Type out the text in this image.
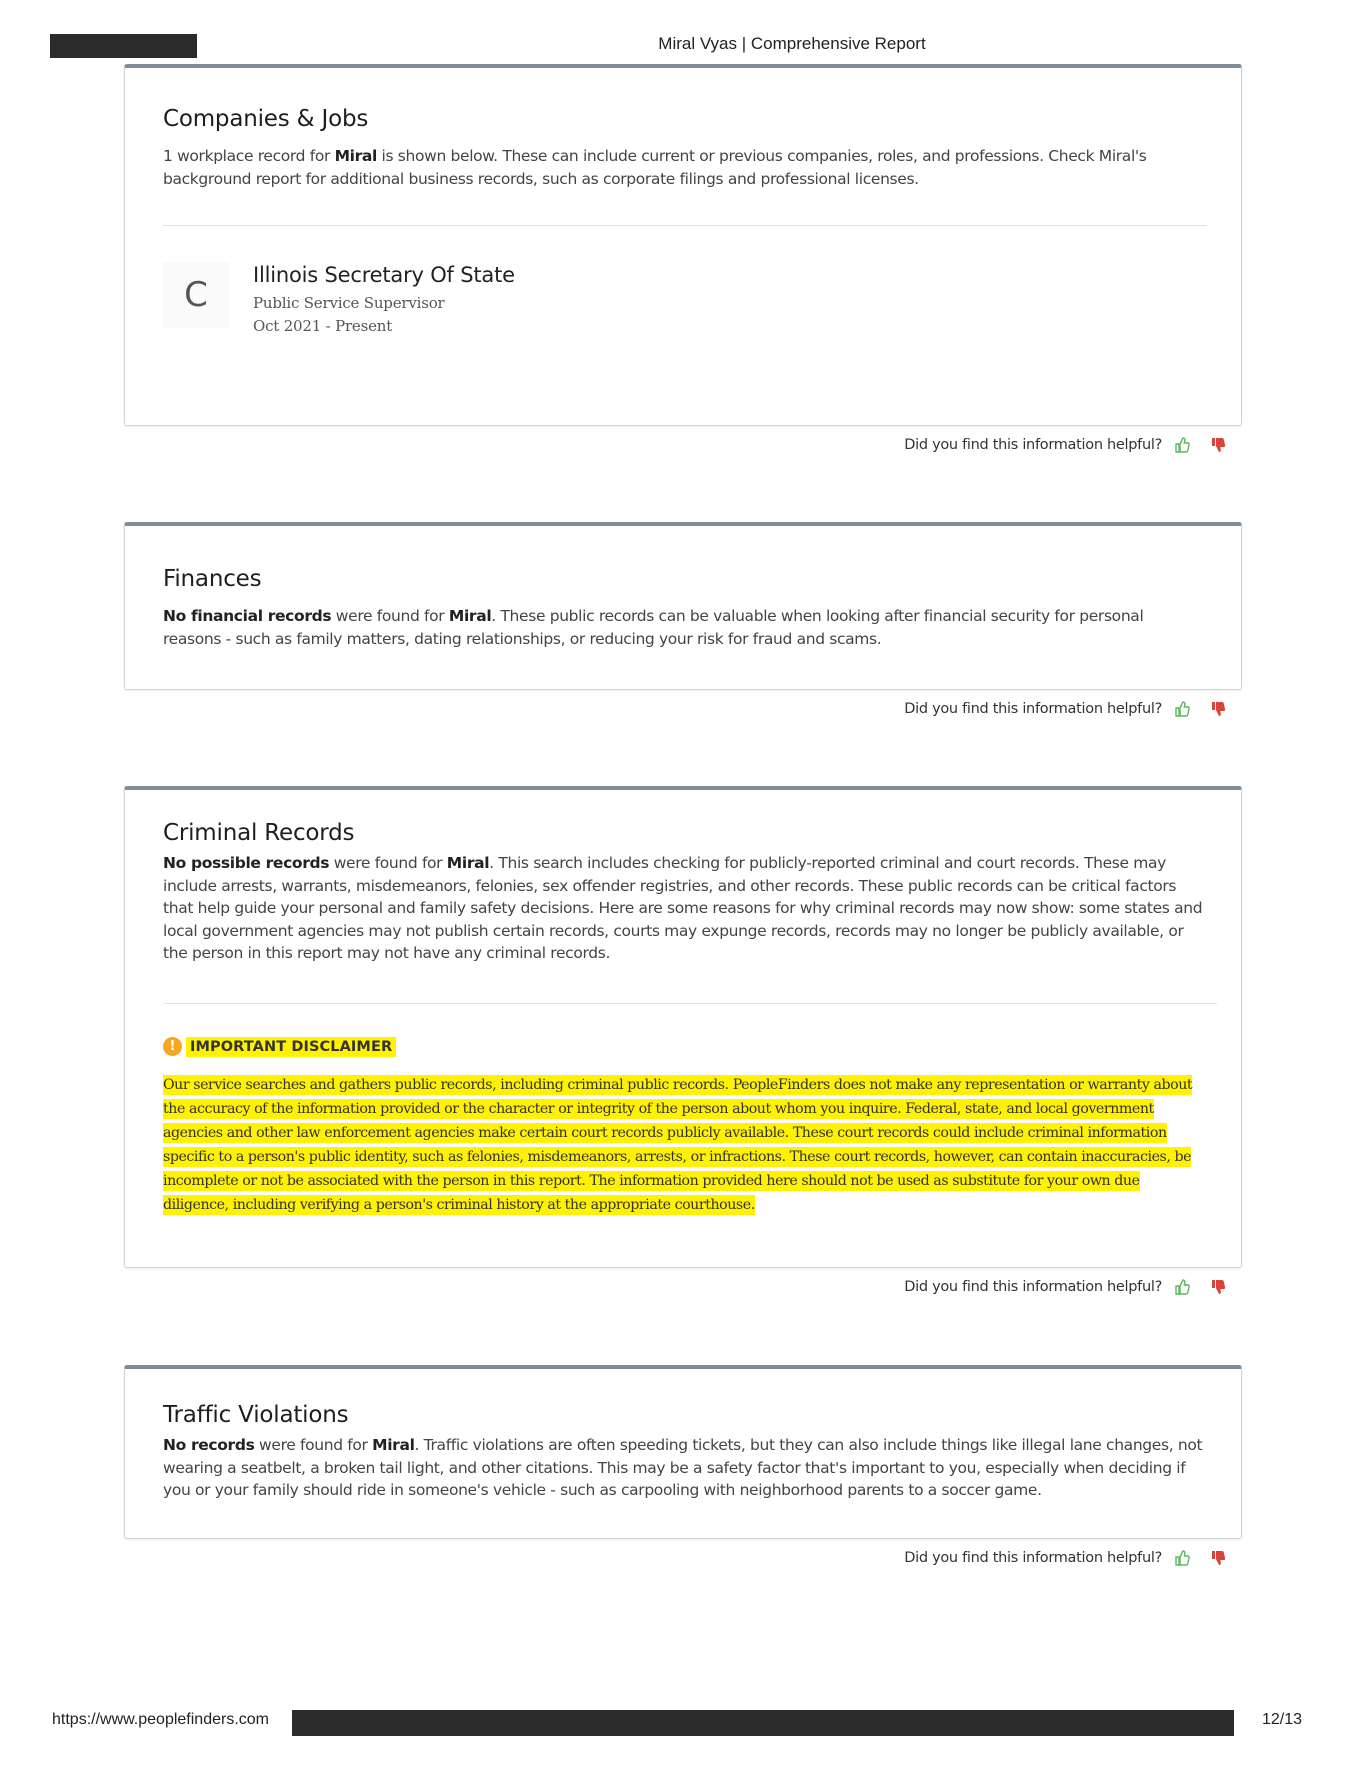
Miral Vyas | Comprehensive Report
Companies & Jobs

1 workplace record for Miral is shown below. These can include current or previous companies, roles, and professions. Check Miral's background report for additional business records, such as corporate filings and professional licenses.

C	Illinois Secretary Of State
Public Service Supervisor
Oct 2021 - Present
Did you find this information helpful?
Finances

No financial records were found for Miral. These public records can be valuable when looking after financial security for personal reasons - such as family matters, dating relationships, or reducing your risk for fraud and scams.

Did you find this information helpful?
Criminal Records

No possible records were found for Miral. This search includes checking for publicly-reported criminal and court records. These may include arrests, warrants, misdemeanors, felonies, sex offender registries, and other records. These public records can be critical factors that help guide your personal and family safety decisions. Here are some reasons for why criminal records may now show: some states and local government agencies may not publish certain records, courts may expunge records, records may no longer be publicly available, or the person in this report may not have any criminal records.

!	IMPORTANT DISCLAIMER
Our service searches and gathers public records, including criminal public records. PeopleFinders does not make any representation or warranty about the accuracy of the information provided or the character or integrity of the person about whom you inquire. Federal, state, and local government agencies and other law enforcement agencies make certain court records publicly available. These court records could include criminal information specific to a person's public identity, such as felonies, misdemeanors, arrests, or infractions. These court records, however, can contain inaccuracies, be incomplete or not be associated with the person in this report. The information provided here should not be used as substitute for your own due diligence, including verifying a person's criminal history at the appropriate courthouse.
Did you find this information helpful?
Traffic Violations

No records were found for Miral. Traffic violations are often speeding tickets, but they can also include things like illegal lane changes, not wearing a seatbelt, a broken tail light, and other citations. This may be a safety factor that's important to you, especially when deciding if you or your family should ride in someone's vehicle - such as carpooling with neighborhood parents to a soccer game.

Did you find this information helpful?
https://www.peoplefinders.com	12/13
